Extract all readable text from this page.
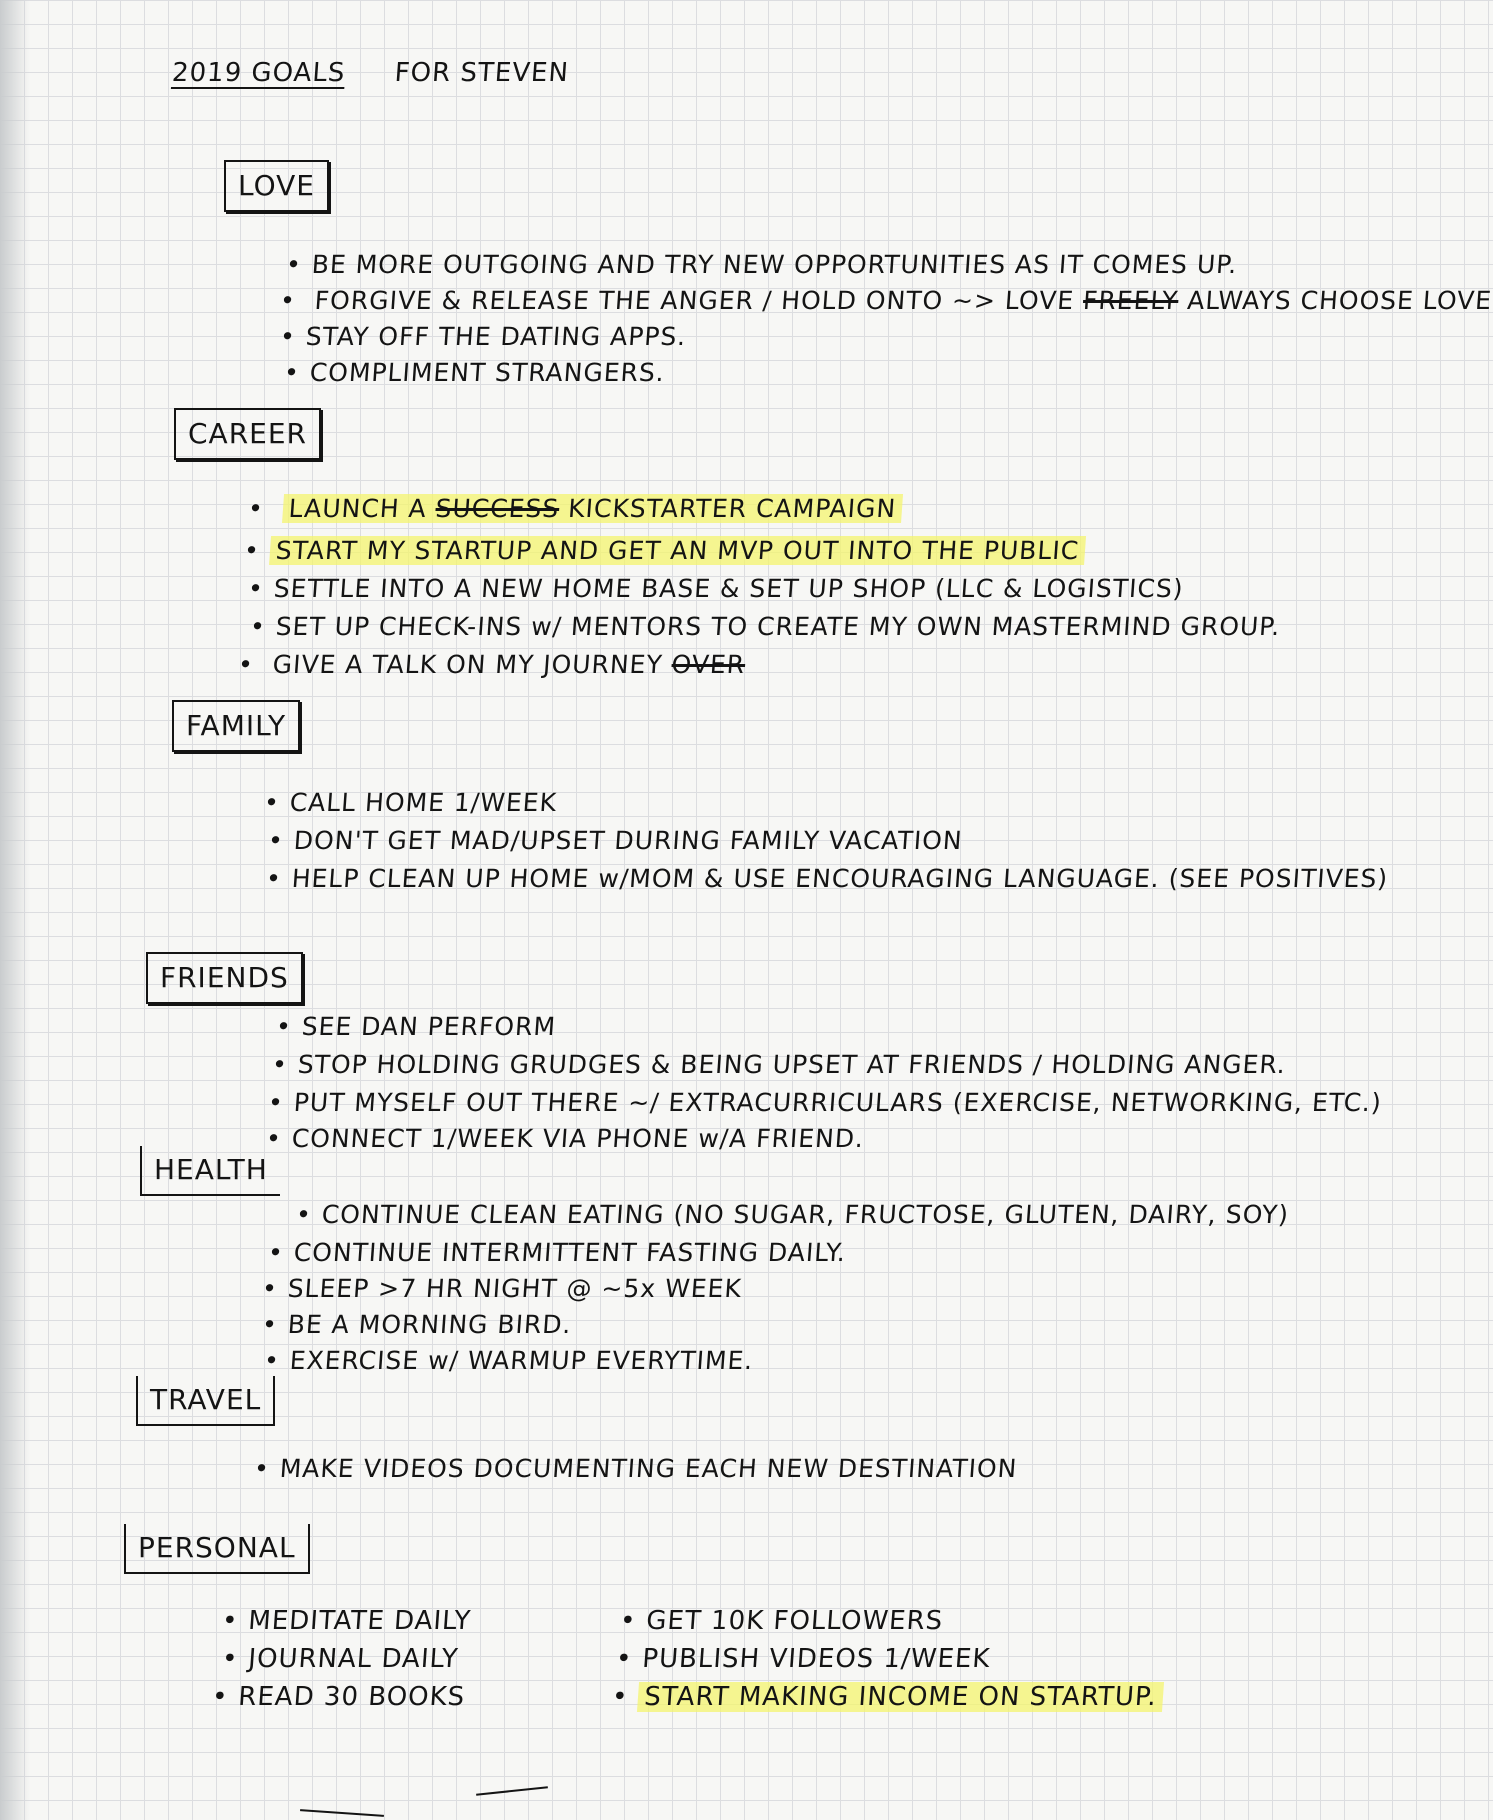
2019 GOALS FOR STEVEN
LOVE
• BE MORE OUTGOING AND TRY NEW OPPORTUNITIES AS IT COMES UP.
• FORGIVE & RELEASE THE ANGER / HOLD ONTO ~> LOVE FREELY ALWAYS CHOOSE LOVE
• STAY OFF THE DATING APPS.
• COMPLIMENT STRANGERS.
CAREER
• LAUNCH A SUCCESS KICKSTARTER CAMPAIGN
• START MY STARTUP AND GET AN MVP OUT INTO THE PUBLIC
• SETTLE INTO A NEW HOME BASE & SET UP SHOP (LLC & LOGISTICS)
• SET UP CHECK-INS w/ MENTORS TO CREATE MY OWN MASTERMIND GROUP.
• GIVE A TALK ON MY JOURNEY OVER
FAMILY
• CALL HOME 1/WEEK
• DON'T GET MAD/UPSET DURING FAMILY VACATION
• HELP CLEAN UP HOME w/MOM & USE ENCOURAGING LANGUAGE. (SEE POSITIVES)
FRIENDS
• SEE DAN PERFORM
• STOP HOLDING GRUDGES & BEING UPSET AT FRIENDS / HOLDING ANGER.
• PUT MYSELF OUT THERE ~/ EXTRACURRICULARS (EXERCISE, NETWORKING, ETC.)
• CONNECT 1/WEEK VIA PHONE w/A FRIEND.
HEALTH
• CONTINUE CLEAN EATING (NO SUGAR, FRUCTOSE, GLUTEN, DAIRY, SOY)
• CONTINUE INTERMITTENT FASTING DAILY.
• SLEEP >7 HR NIGHT @ ~5x WEEK
• BE A MORNING BIRD.
• EXERCISE w/ WARMUP EVERYTIME.
TRAVEL
• MAKE VIDEOS DOCUMENTING EACH NEW DESTINATION
PERSONAL
• MEDITATE DAILY
• JOURNAL DAILY
• READ 30 BOOKS
• GET 10K FOLLOWERS
• PUBLISH VIDEOS 1/WEEK
• START MAKING INCOME ON STARTUP.
